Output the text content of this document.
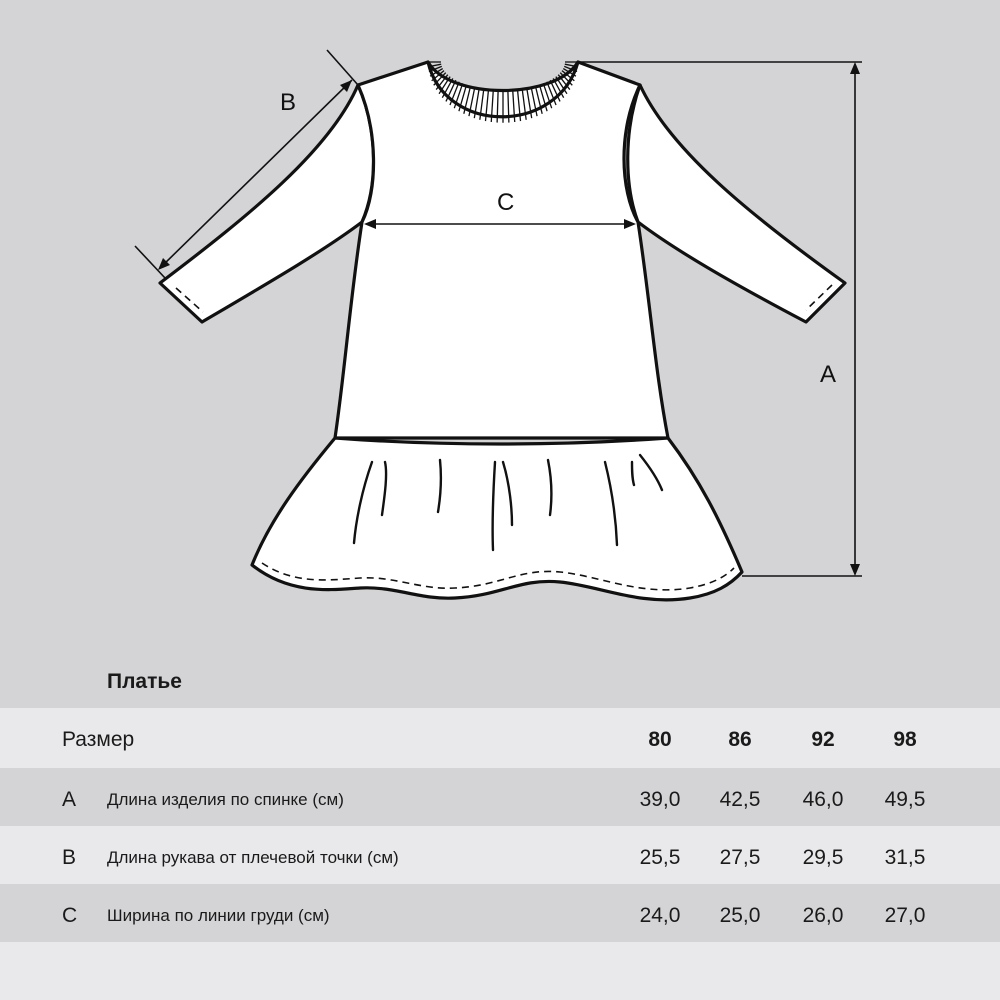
A
B
C
Платье
Размер	80	86	92	98
A Длина изделия по спинке (см)	39,0	42,5	46,0	49,5
B Длина рукава от плечевой точки (см)	25,5	27,5	29,5	31,5
C Ширина по линии груди (см)	24,0	25,0	26,0	27,0
